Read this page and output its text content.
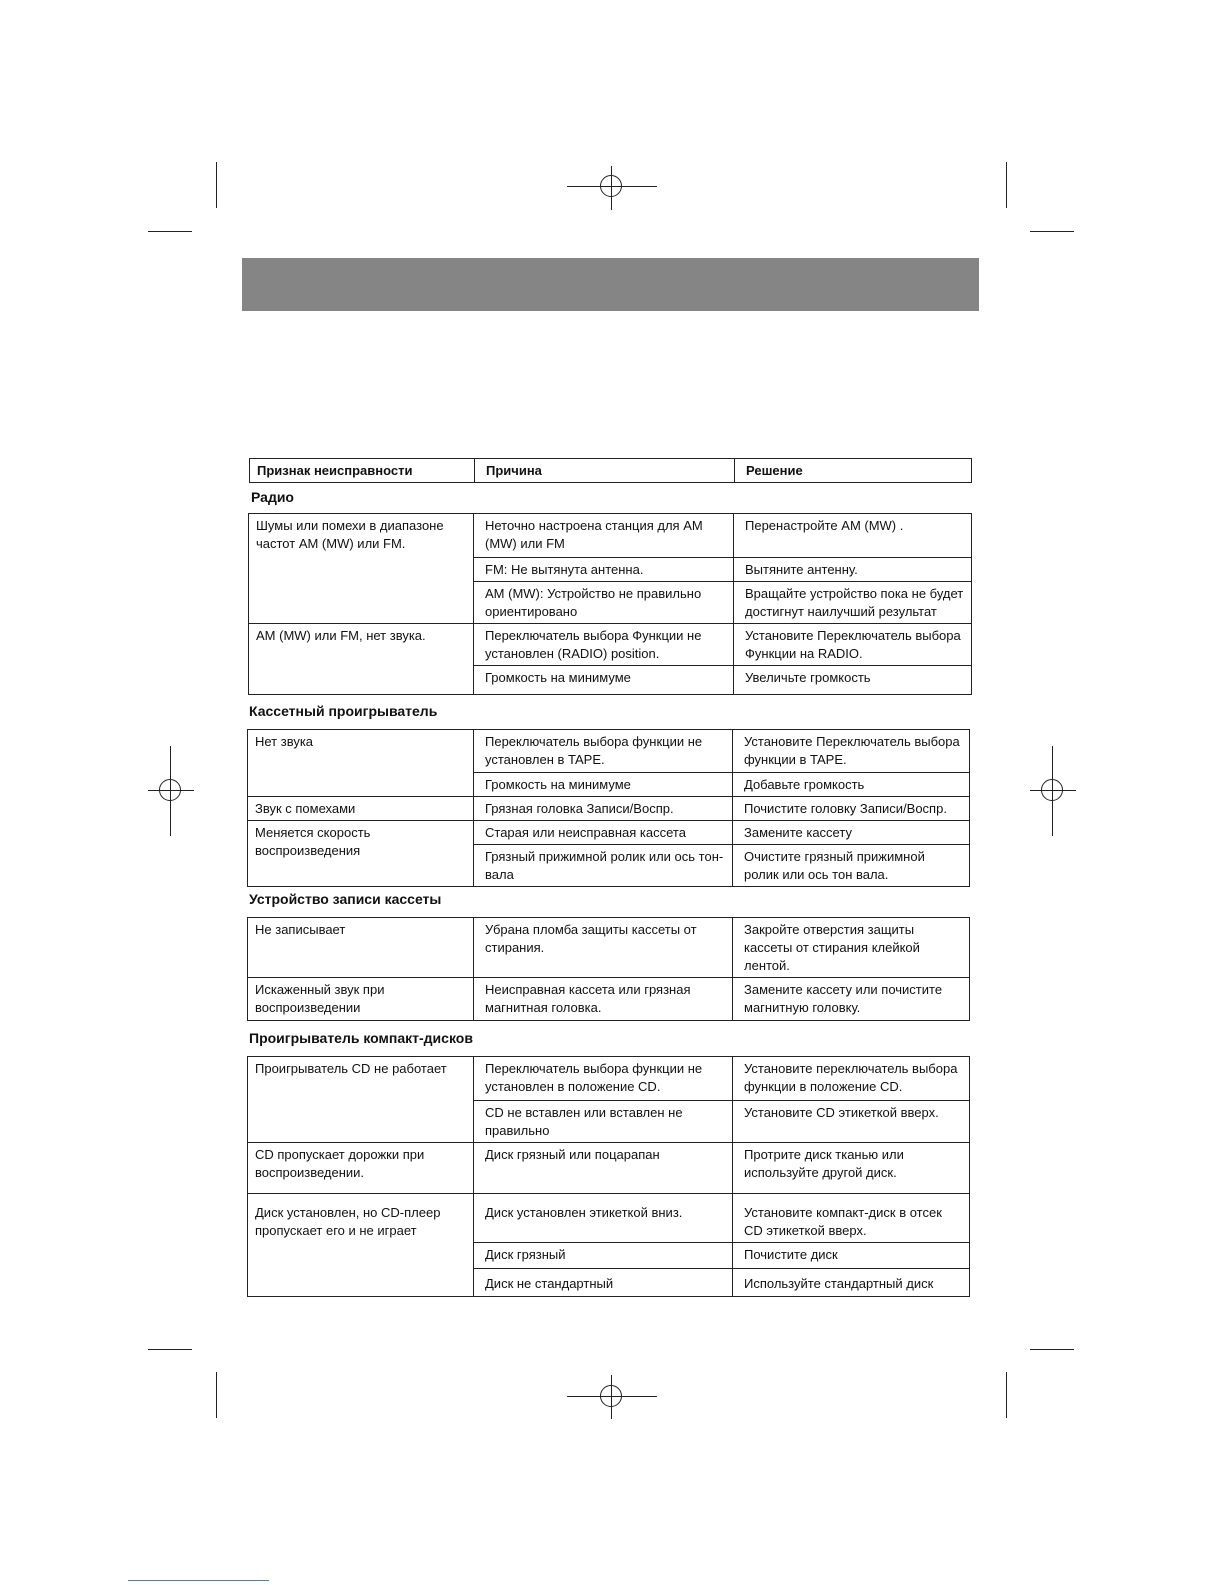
Признак неисправности	Причина	Решение
Радио
Шумы или помехи в диапазоне частот AM (MW) или FM.	Неточно настроена станция для AM (MW) или FM	Перенастройте AM (MW) .
	FM: Не вытянута антенна.	Вытяните антенну.
	AM (MW): Устройство не правильно ориентировано	Вращайте устройство пока не будет достигнут наилучший результат
AM (MW) или FM, нет звука.	Переключатель выбора Функции не установлен (RADIO) position.	Установите Переключатель выбора Функции на RADIO.
	Громкость на минимуме	Увеличьте громкость
Кассетный проигрыватель
Нет звука	Переключатель выбора функции не установлен в TAPE.	Установите Переключатель выбора функции в TAPE.
	Громкость на минимуме	Добавьте громкость
Звук с помехами	Грязная головка Записи/Воспр.	Почистите головку Записи/Воспр.
Меняется скорость воспроизведения	Старая или неисправная кассета	Замените кассету
	Грязный прижимной ролик или ось тон- вала	Очистите грязный прижимной ролик или ось тон вала.
Устройство записи кассеты
Не записывает	Убрана пломба защиты кассеты от стирания.	Закройте отверстия защиты кассеты от стирания клейкой лентой.
Искаженный звук при воспроизведении	Неисправная кассета или грязная магнитная головка.	Замените кассету или почистите магнитную головку.
Проигрыватель компакт-дисков
Проигрыватель CD не работает	Переключатель выбора функции не установлен в положение CD.	Установите переключатель выбора функции в положение CD.
	CD не вставлен или вставлен не правильно	Установите CD этикеткой вверх.
CD пропускает дорожки при воспроизведении.	Диск грязный или поцарапан	Протрите диск тканью или используйте другой диск.
Диск установлен, но CD-плеер пропускает его и не играет	Диск установлен этикеткой вниз.	Установите компакт-диск в отсек CD этикеткой вверх.
	Диск грязный	Почистите диск
	Диск не стандартный	Используйте стандартный диск
